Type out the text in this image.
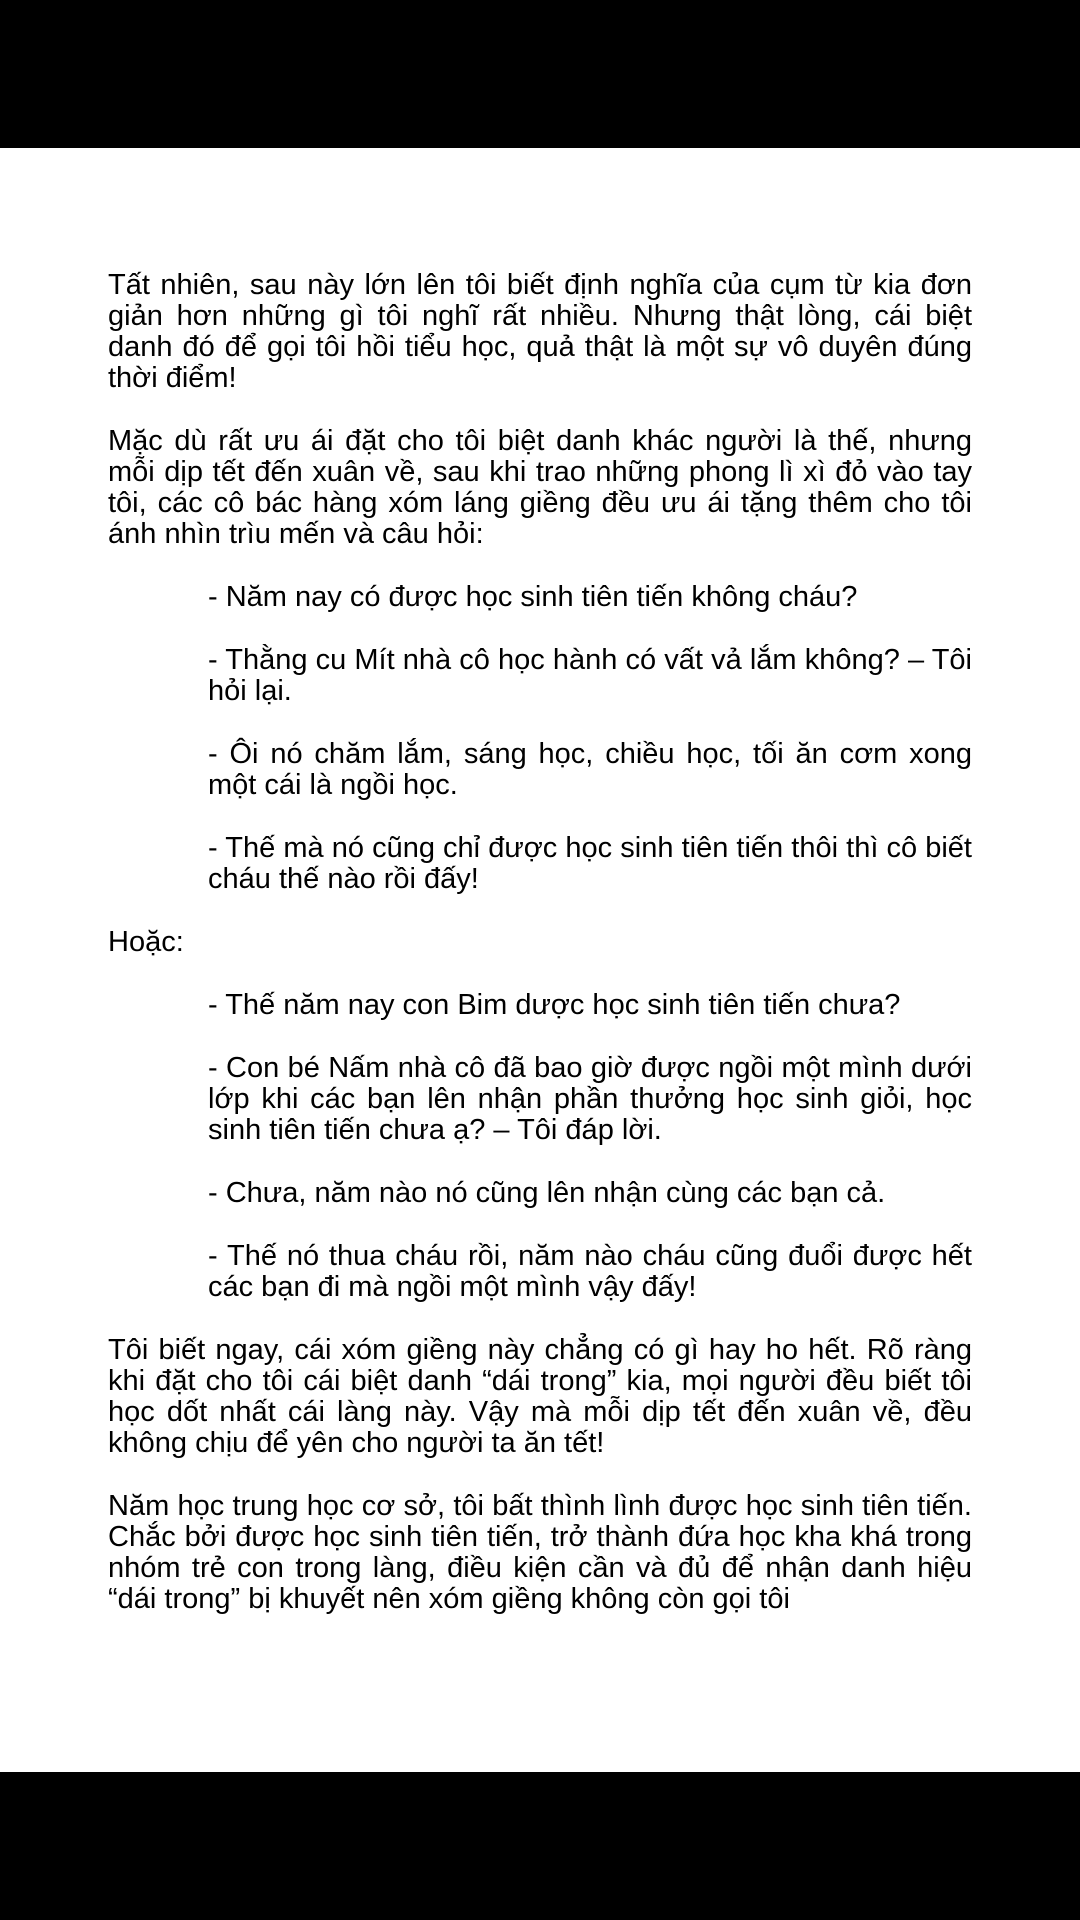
Tất nhiên, sau này lớn lên tôi biết định nghĩa của cụm từ kia đơn giản hơn những gì tôi nghĩ rất nhiều. Nhưng thật lòng, cái biệt danh đó để gọi tôi hồi tiểu học, quả thật là một sự vô duyên đúng thời điểm!

Mặc dù rất ưu ái đặt cho tôi biệt danh khác người là thế, nhưng mỗi dịp tết đến xuân về, sau khi trao những phong lì xì đỏ vào tay tôi, các cô bác hàng xóm láng giềng đều ưu ái tặng thêm cho tôi ánh nhìn trìu mến và câu hỏi:

- Năm nay có được học sinh tiên tiến không cháu?

- Thằng cu Mít nhà cô học hành có vất vả lắm không? – Tôi hỏi lại.

- Ôi nó chăm lắm, sáng học, chiều học, tối ăn cơm xong một cái là ngồi học.

- Thế mà nó cũng chỉ được học sinh tiên tiến thôi thì cô biết cháu thế nào rồi đấy!

Hoặc:

- Thế năm nay con Bim dược học sinh tiên tiến chưa?

- Con bé Nấm nhà cô đã bao giờ được ngồi một mình dưới lớp khi các bạn lên nhận phần thưởng học sinh giỏi, học sinh tiên tiến chưa ạ? – Tôi đáp lời.

- Chưa, năm nào nó cũng lên nhận cùng các bạn cả.

- Thế nó thua cháu rồi, năm nào cháu cũng đuổi được hết các bạn đi mà ngồi một mình vậy đấy!

Tôi biết ngay, cái xóm giềng này chẳng có gì hay ho hết. Rõ ràng khi đặt cho tôi cái biệt danh “dái trong” kia, mọi người đều biết tôi học dốt nhất cái làng này. Vậy mà mỗi dịp tết đến xuân về, đều không chịu để yên cho người ta ăn tết!

Năm học trung học cơ sở, tôi bất thình lình được học sinh tiên tiến. Chắc bởi được học sinh tiên tiến, trở thành đứa học kha khá trong nhóm trẻ con trong làng, điều kiện cần và đủ để nhận danh hiệu “dái trong” bị khuyết nên xóm giềng không còn gọi tôi
